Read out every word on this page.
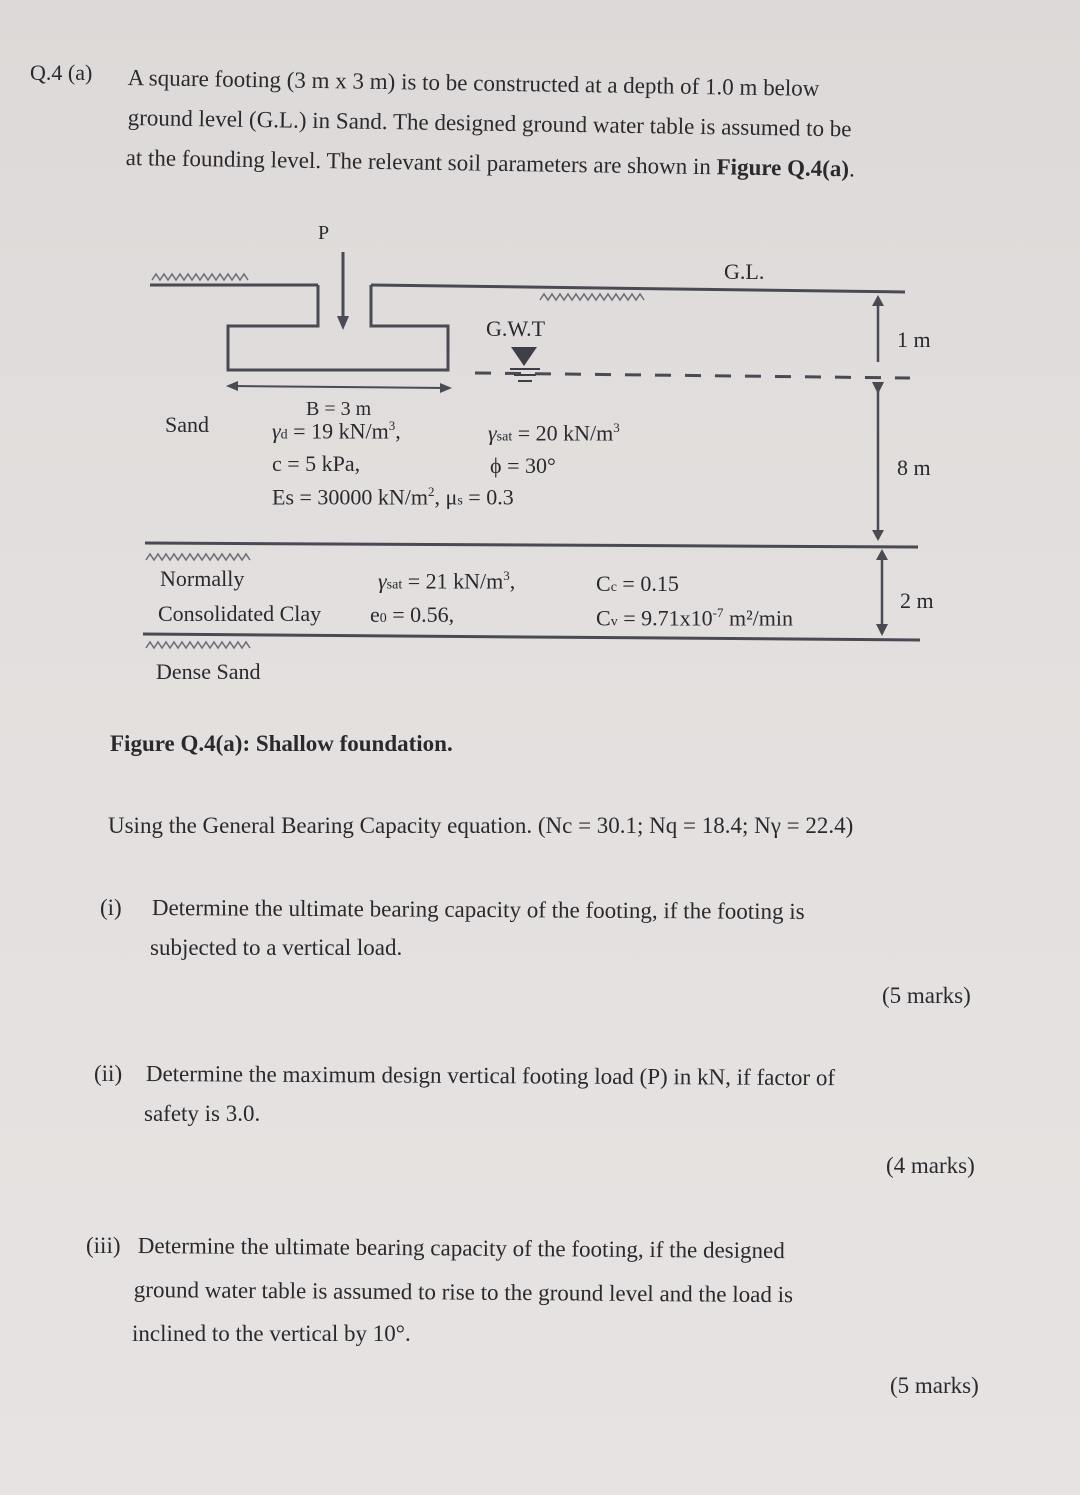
Q.4 (a) A square footing (3 m x 3 m) is to be constructed at a depth of 1.0 m below
ground level (G.L.) in Sand. The designed ground water table is assumed to be
at the founding level. The relevant soil parameters are shown in Figure Q.4(a).
P
G.L.
G.W.T	1 m
8 m
2 m
Sand
B = 3 m
γd = 19 $kN/m^3$,	γsat = 20 $kN/m^3$
c = 5 kPa,	ϕ = 30°
Es = 30000 $kN/m^2$, μs = 0.3
Normally
Consolidated Clay
γsat = 21 $kN/m^3$,
e0 = 0.56,
Cc = 0.15
$Cv = 9.71x10^{-7}$ m²/min
Dense Sand
Figure Q.4(a): Shallow foundation.
Using the General Bearing Capacity equation. (Nc = 30.1; Nq = 18.4; Nγ = 22.4)
(i) Determine the ultimate bearing capacity of the footing, if the footing is
subjected to a vertical load.
(5 marks)
(ii) Determine the maximum design vertical footing load (P) in kN, if factor of
safety is 3.0.
(4 marks)
(iii) Determine the ultimate bearing capacity of the footing, if the designed
ground water table is assumed to rise to the ground level and the load is
inclined to the vertical by 10°.
(5 marks)
